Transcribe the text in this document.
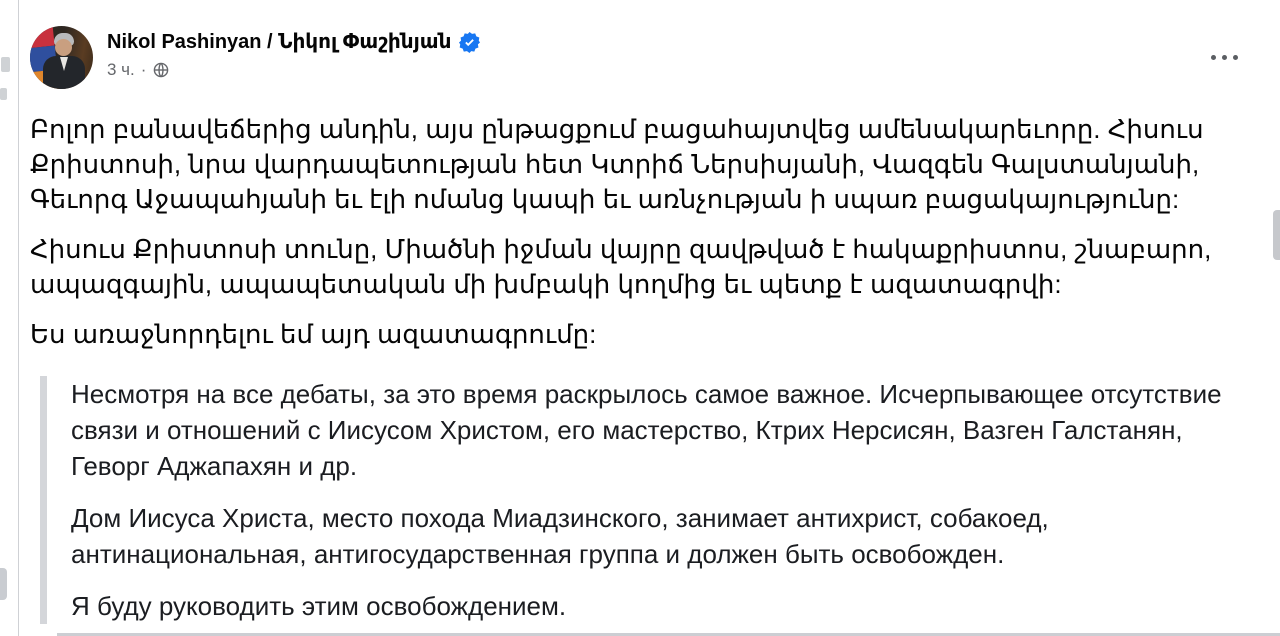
Nikol Pashinyan / Նիկոլ Փաշինյան
3 ч. ·

Բոլոր բանավեճերից անդին, այս ընթացքում բացահայտվեց ամենակարեւորը. Հիսուս Քրիստոսի, նրա վարդապետության հետ Կտրիճ Ներսիսյանի, Վազգեն Գալստանյանի, Գեւորգ Աջապահյանի եւ էլի ոմանց կապի եւ առնչության ի սպառ բացակայությունը:

Հիսուս Քրիստոսի տունը, Միածնի իջման վայրը զավթված է հակաքրիստոս, շնաբարո, ապազգային, ապապետական մի խմբակի կողմից եւ պետք է ազատագրվի:

Ես առաջնորդելու եմ այդ ազատագրումը:

Несмотря на все дебаты, за это время раскрылось самое важное. Исчерпывающее отсутствие связи и отношений с Иисусом Христом, его мастерство, Ктрих Нерсисян, Вазген Галстанян, Геворг Аджапахян и др.

Дом Иисуса Христа, место похода Миадзинского, занимает антихрист, собакоед, антинациональная, антигосударственная группа и должен быть освобожден.

Я буду руководить этим освобождением.
